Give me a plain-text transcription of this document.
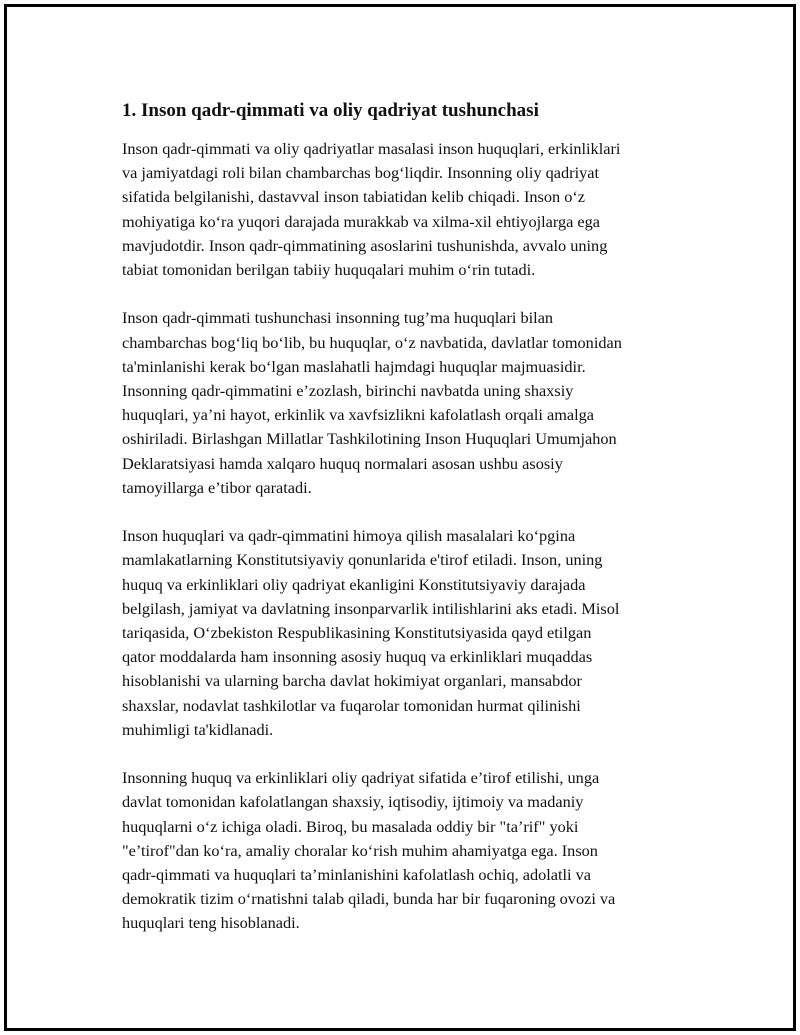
1. Inson qadr-qimmati va oliy qadriyat tushunchasi

Inson qadr-qimmati va oliy qadriyatlar masalasi inson huquqlari, erkinliklari
va jamiyatdagi roli bilan chambarchas bog‘liqdir. Insonning oliy qadriyat
sifatida belgilanishi, dastavval inson tabiatidan kelib chiqadi. Inson o‘z
mohiyatiga ko‘ra yuqori darajada murakkab va xilma-xil ehtiyojlarga ega
mavjudotdir. Inson qadr-qimmatining asoslarini tushunishda, avvalo uning
tabiat tomonidan berilgan tabiiy huquqalari muhim o‘rin tutadi.

Inson qadr-qimmati tushunchasi insonning tug’ma huquqlari bilan
chambarchas bog‘liq bo‘lib, bu huquqlar, o‘z navbatida, davlatlar tomonidan
ta'minlanishi kerak bo‘lgan maslahatli hajmdagi huquqlar majmuasidir.
Insonning qadr-qimmatini e’zozlash, birinchi navbatda uning shaxsiy
huquqlari, ya’ni hayot, erkinlik va xavfsizlikni kafolatlash orqali amalga
oshiriladi. Birlashgan Millatlar Tashkilotining Inson Huquqlari Umumjahon
Deklaratsiyasi hamda xalqaro huquq normalari asosan ushbu asosiy
tamoyillarga e’tibor qaratadi.

Inson huquqlari va qadr-qimmatini himoya qilish masalalari ko‘pgina
mamlakatlarning Konstitutsiyaviy qonunlarida e'tirof etiladi. Inson, uning
huquq va erkinliklari oliy qadriyat ekanligini Konstitutsiyaviy darajada
belgilash, jamiyat va davlatning insonparvarlik intilishlarini aks etadi. Misol
tariqasida, O‘zbekiston Respublikasining Konstitutsiyasida qayd etilgan
qator moddalarda ham insonning asosiy huquq va erkinliklari muqaddas
hisoblanishi va ularning barcha davlat hokimiyat organlari, mansabdor
shaxslar, nodavlat tashkilotlar va fuqarolar tomonidan hurmat qilinishi
muhimligi ta'kidlanadi.

Insonning huquq va erkinliklari oliy qadriyat sifatida e’tirof etilishi, unga
davlat tomonidan kafolatlangan shaxsiy, iqtisodiy, ijtimoiy va madaniy
huquqlarni o‘z ichiga oladi. Biroq, bu masalada oddiy bir "ta’rif" yoki
"e’tirof"dan ko‘ra, amaliy choralar ko‘rish muhim ahamiyatga ega. Inson
qadr-qimmati va huquqlari ta’minlanishini kafolatlash ochiq, adolatli va
demokratik tizim o‘rnatishni talab qiladi, bunda har bir fuqaroning ovozi va
huquqlari teng hisoblanadi.
